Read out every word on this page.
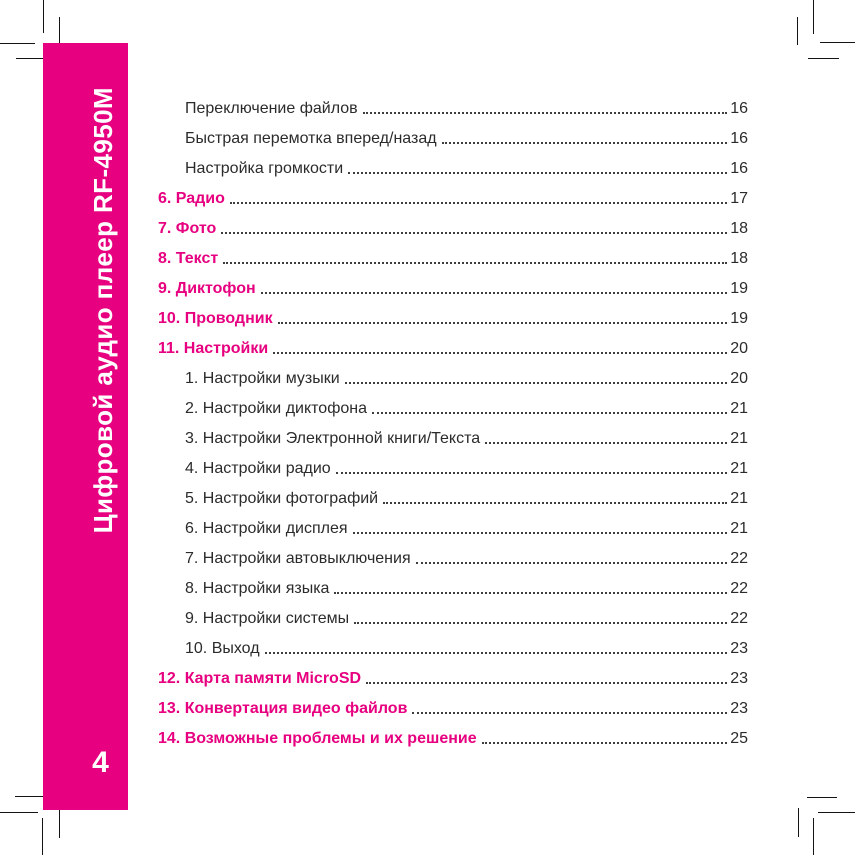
Цифровой аудио плеер RF-4950M
4
Переключение файлов	16
Быстрая перемотка вперед/назад	16
Настройка громкости	16
6. Радио	17
7. Фото	18
8. Текст	18
9. Диктофон	19
10. Проводник	19
11. Настройки	20
1. Настройки музыки	20
2. Настройки диктофона	21
3. Настройки Электронной книги/Текста	21
4. Настройки радио	21
5. Настройки фотографий	21
6. Настройки дисплея	21
7. Настройки автовыключения	22
8. Настройки языка	22
9. Настройки системы	22
10. Выход	23
12. Карта памяти MicroSD	23
13. Конвертация видео файлов	23
14. Возможные проблемы и их решение	25
